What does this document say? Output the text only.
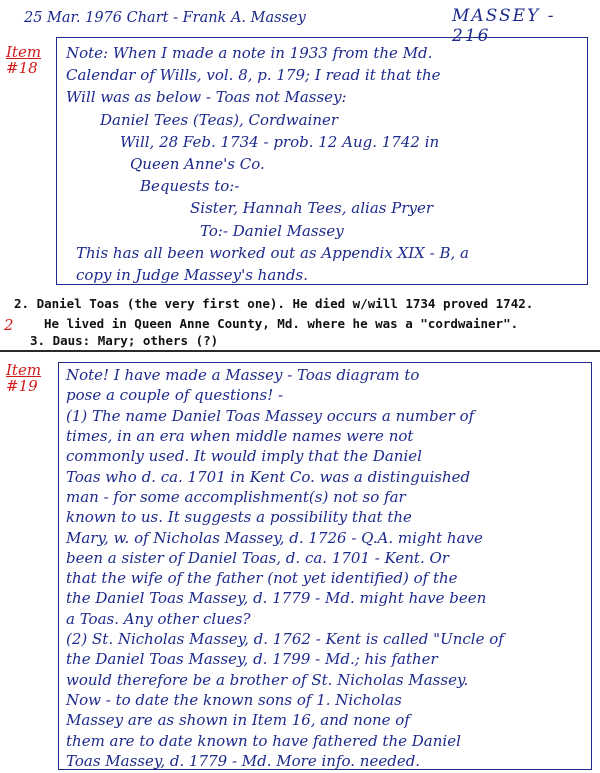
25 Mar. 1976 Chart - Frank A. Massey	MASSEY - 216
Item
#18
Note: When I made a note in 1933 from the Md.
Calendar of Wills, vol. 8, p. 179; I read it that the
Will was as below - Toas not Massey:
Daniel Tees (Teas), Cordwainer
Will, 28 Feb. 1734 - prob. 12 Aug. 1742 in
Queen Anne's Co.
Bequests to:-
Sister, Hannah Tees, alias Pryer
To:- Daniel Massey
This has all been worked out as Appendix XIX - B, a
copy in Judge Massey's hands.
2. Daniel Toas (the very first one). He died w/will 1734 proved 1742.
2 He lived in Queen Anne County, Md. where he was a "cordwainer".
3. Daus: Mary; others (?)
Item
#19
Note! I have made a Massey - Toas diagram to
pose a couple of questions! -
(1) The name Daniel Toas Massey occurs a number of
times, in an era when middle names were not
commonly used. It would imply that the Daniel
Toas who d. ca. 1701 in Kent Co. was a distinguished
man - for some accomplishment(s) not so far
known to us. It suggests a possibility that the
Mary, w. of Nicholas Massey, d. 1726 - Q.A. might have
been a sister of Daniel Toas, d. ca. 1701 - Kent. Or
that the wife of the father (not yet identified) of the
the Daniel Toas Massey, d. 1779 - Md. might have been
a Toas. Any other clues?
(2) St. Nicholas Massey, d. 1762 - Kent is called "Uncle of
the Daniel Toas Massey, d. 1799 - Md.; his father
would therefore be a brother of St. Nicholas Massey.
Now - to date the known sons of 1. Nicholas
Massey are as shown in Item 16, and none of
them are to date known to have fathered the Daniel
Toas Massey, d. 1779 - Md. More info. needed.
